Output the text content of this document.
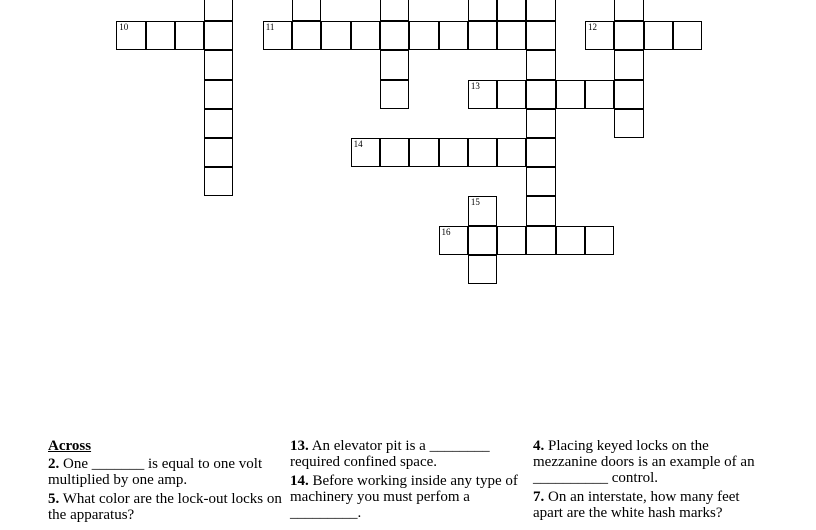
10	11	12
13
14
15
16

Across

2. One _______ is equal to one volt multiplied by one amp.

5. What color are the lock-out locks on the apparatus?

13. An elevator pit is a ________ required confined space.

14. Before working inside any type of machinery you must perfom a _________.

4. Placing keyed locks on the mezzanine doors is an example of an __________ control.

7. On an interstate, how many feet apart are the white hash marks?
